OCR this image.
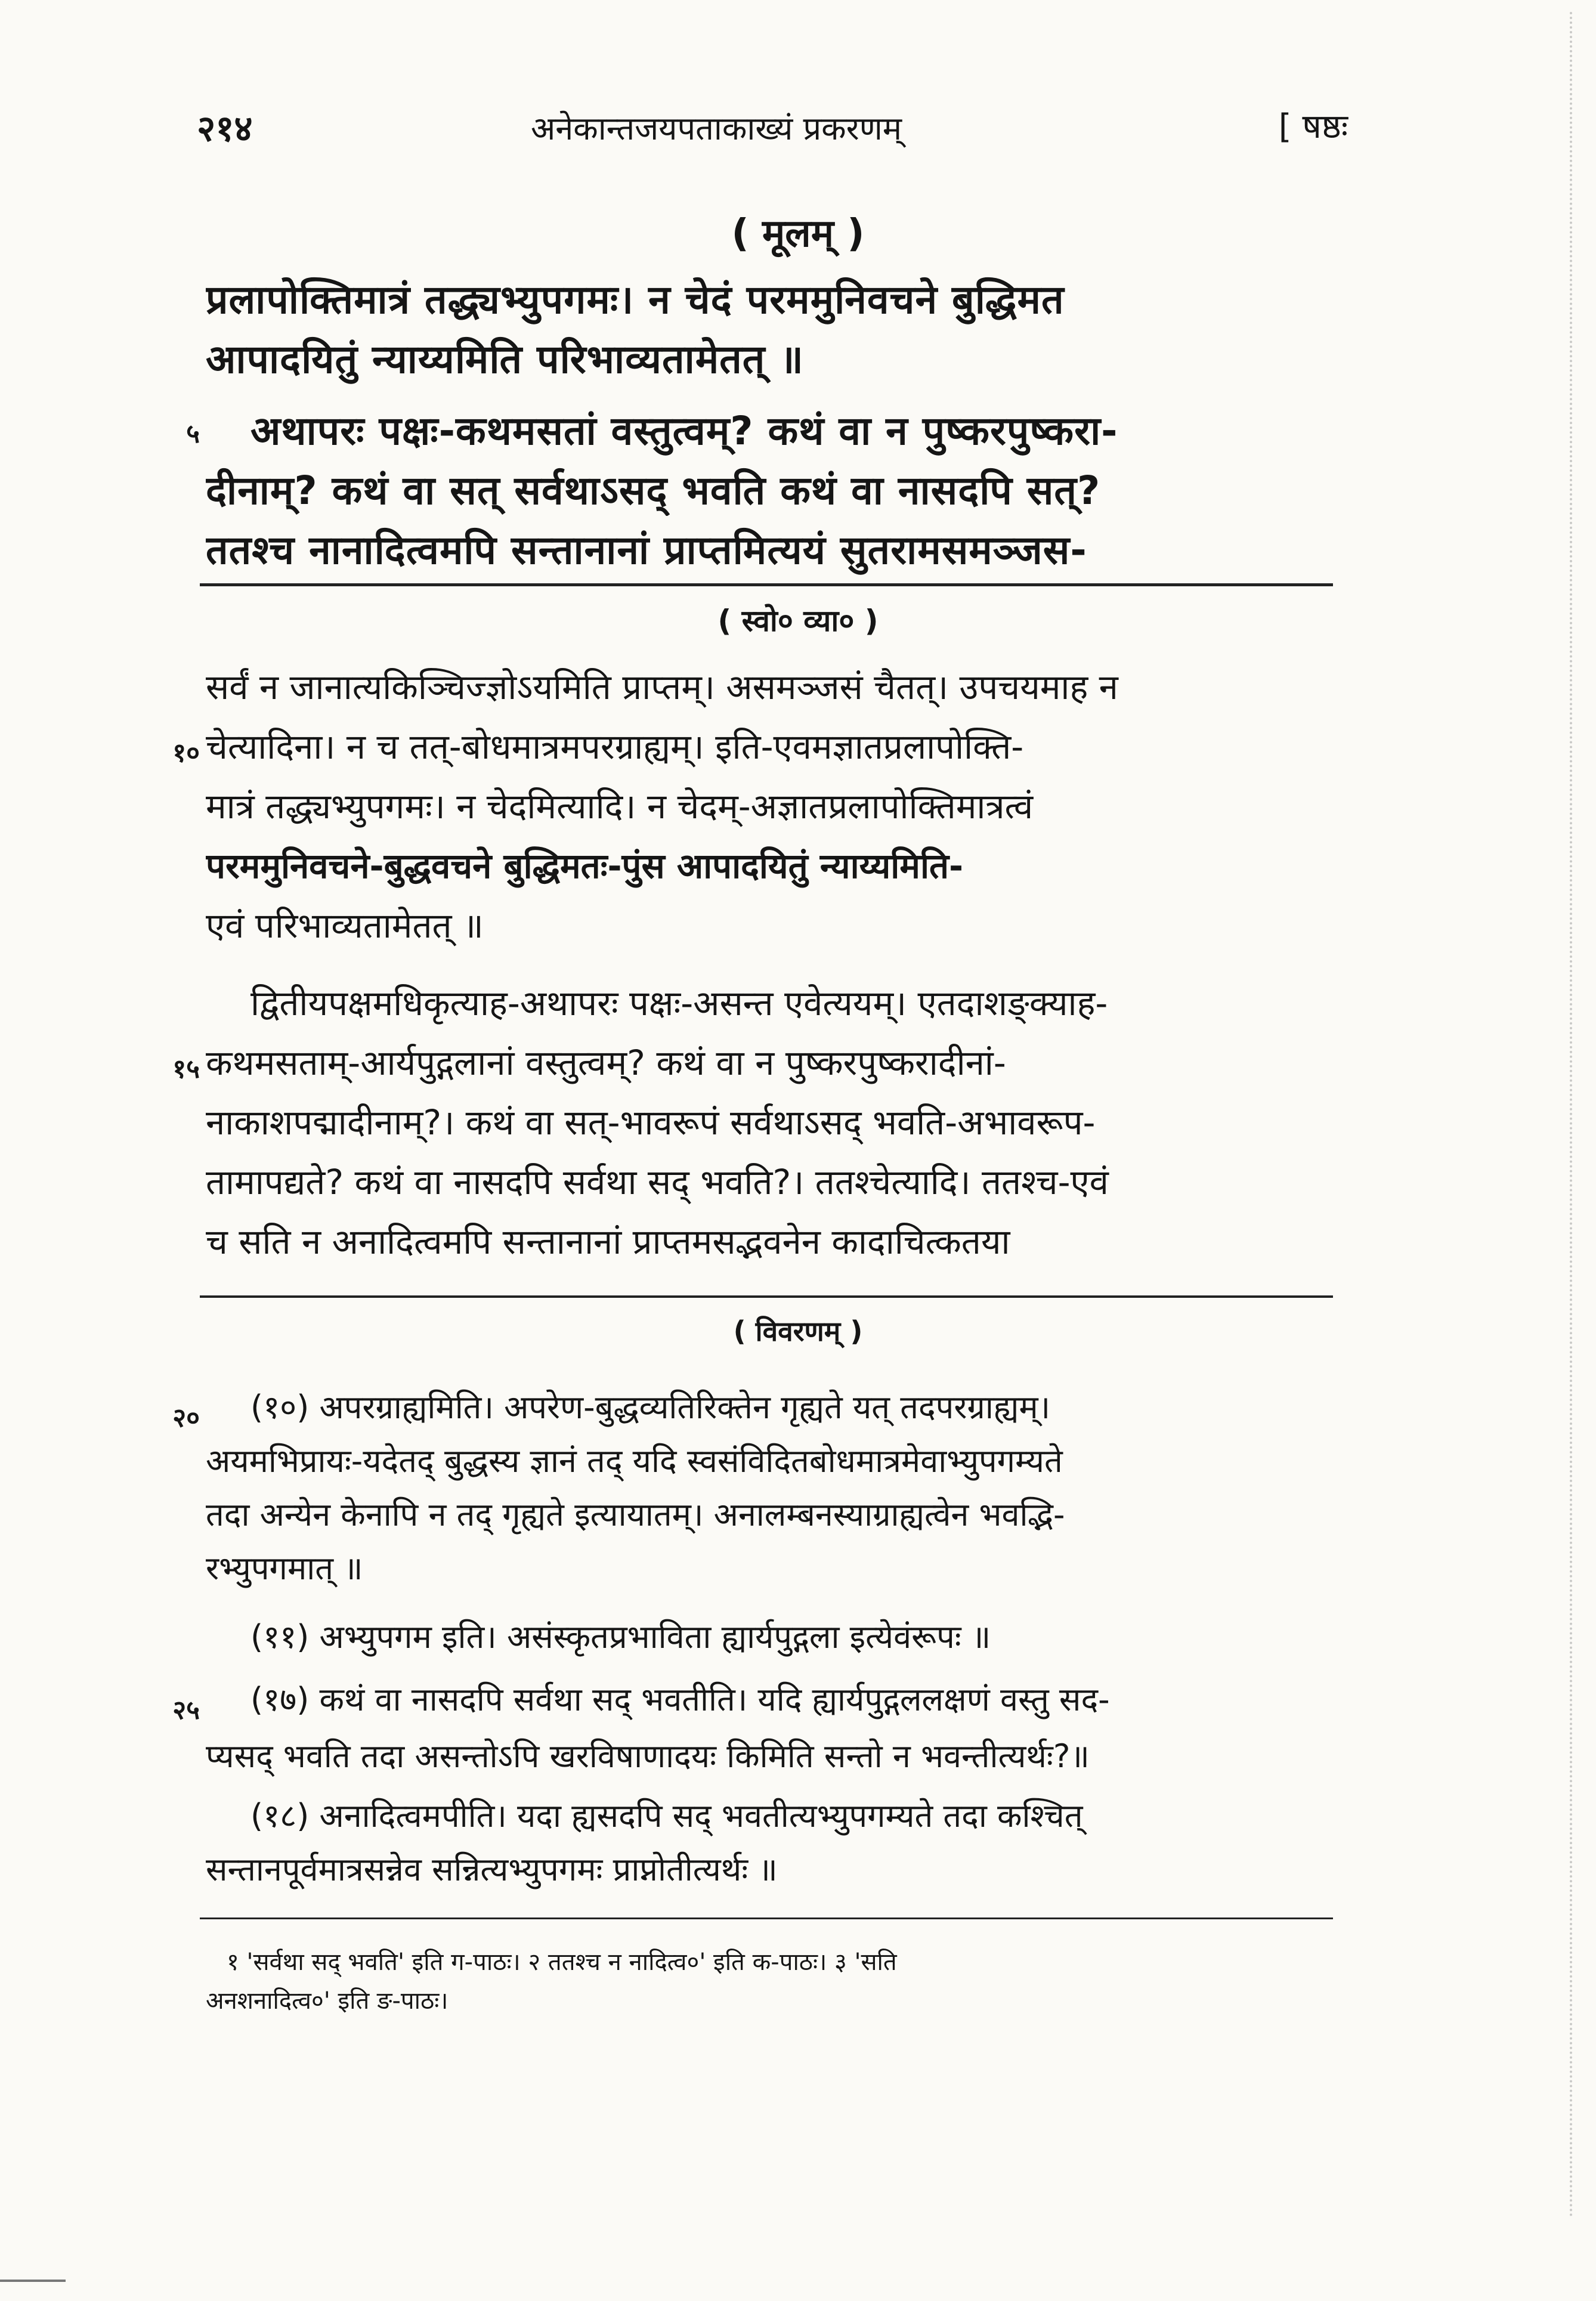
२१४	अनेकान्तजयपताकाख्यं प्रकरणम्	[ षष्ठः
( मूलम् )
प्रलापोक्तिमात्रं तद्ध्यभ्युपगमः। न चेदं परममुनिवचने बुद्धिमत
आपादयितुं न्याय्यमिति परिभाव्यतामेतत् ॥
५ अथापरः पक्षः-कथमसतां वस्तुत्वम्? कथं वा न पुष्करपुष्करा-
दीनाम्? कथं वा सत् सर्वथाऽसद् भवति कथं वा नासदपि सत्?
ततश्च नानादित्वमपि सन्तानानां प्राप्तमित्ययं सुतरामसमञ्जस-
( स्वो० व्या० )
सर्वं न जानात्यकिञ्चिज्ज्ञोऽयमिति प्राप्तम्। असमञ्जसं चैतत्। उपचयमाह न
१० चेत्यादिना। न च तत्-बोधमात्रमपरग्राह्यम्। इति-एवमज्ञातप्रलापोक्ति-
मात्रं तद्ध्यभ्युपगमः। न चेदमित्यादि। न चेदम्-अज्ञातप्रलापोक्तिमात्रत्वं
परममुनिवचने-बुद्धवचने बुद्धिमतः-पुंस आपादयितुं न्याय्यमिति-
एवं परिभाव्यतामेतत् ॥
द्वितीयपक्षमधिकृत्याह-अथापरः पक्षः-असन्त एवेत्ययम्। एतदाशङ्क्याह-
१५ कथमसताम्-आर्यपुद्गलानां वस्तुत्वम्? कथं वा न पुष्करपुष्करादीनां-
नाकाशपद्मादीनाम्?। कथं वा सत्-भावरूपं सर्वथाऽसद् भवति-अभावरूप-
तामापद्यते? कथं वा नासदपि सर्वथा सद् भवति?। ततश्चेत्यादि। ततश्च-एवं
च सति न अनादित्वमपि सन्तानानां प्राप्तमसद्भवनेन कादाचित्कतया
( विवरणम् )
२० (१०) अपरग्राह्यमिति। अपरेण-बुद्धव्यतिरिक्तेन गृह्यते यत् तदपरग्राह्यम्।
अयमभिप्रायः-यदेतद् बुद्धस्य ज्ञानं तद् यदि स्वसंविदितबोधमात्रमेवाभ्युपगम्यते
तदा अन्येन केनापि न तद् गृह्यते इत्यायातम्। अनालम्बनस्याग्राह्यत्वेन भवद्भि-
रभ्युपगमात् ॥
(११) अभ्युपगम इति। असंस्कृतप्रभाविता ह्यार्यपुद्गला इत्येवंरूपः ॥
२५ (१७) कथं वा नासदपि सर्वथा सद् भवतीति। यदि ह्यार्यपुद्गललक्षणं वस्तु सद-
प्यसद् भवति तदा असन्तोऽपि खरविषाणादयः किमिति सन्तो न भवन्तीत्यर्थः?॥
(१८) अनादित्वमपीति। यदा ह्यसदपि सद् भवतीत्यभ्युपगम्यते तदा कश्चित्
सन्तानपूर्वमात्रसन्नेव सन्नित्यभ्युपगमः प्राप्नोतीत्यर्थः ॥
१ 'सर्वथा सद् भवति' इति ग-पाठः। २ ततश्च न नादित्व०' इति क-पाठः। ३ 'सति
अनशनादित्व०' इति ङ-पाठः।
